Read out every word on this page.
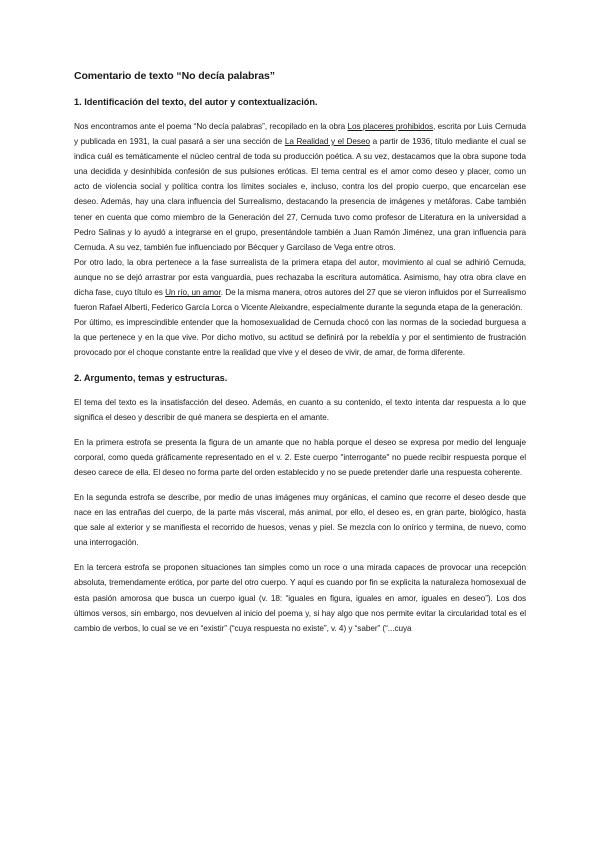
Comentario de texto “No decía palabras”
1. Identificación del texto, del autor y contextualización.

Nos encontramos ante el poema “No decía palabras”, recopilado en la obra Los placeres prohibidos, escrita por Luis Cernuda y publicada en 1931, la cual pasará a ser una sección de La Realidad y el Deseo a partir de 1936, título mediante el cual se indica cuál es temáticamente el núcleo central de toda su producción poética. A su vez, destacamos que la obra supone toda una decidida y desinhibida confesión de sus pulsiones eróticas. El tema central es el amor como deseo y placer, como un acto de violencia social y política contra los límites sociales e, incluso, contra los del propio cuerpo, que encarcelan ese deseo. Además, hay una clara influencia del Surrealismo, destacando la presencia de imágenes y metáforas. Cabe también tener en cuenta que como miembro de la Generación del 27, Cernuda tuvo como profesor de Literatura en la universidad a Pedro Salinas y lo ayudó a integrarse en el grupo, presentándole también a Juan Ramón Jiménez, una gran influencia para Cernuda. A su vez, también fue influenciado por Bécquer y Garcilaso de Vega entre otros.

Por otro lado, la obra pertenece a la fase surrealista de la primera etapa del autor, movimiento al cual se adhirió Cernuda, aunque no se dejó arrastrar por esta vanguardia, pues rechazaba la escritura automática. Asimismo, hay otra obra clave en dicha fase, cuyo título es Un río, un amor. De la misma manera, otros autores del 27 que se vieron influidos por el Surrealismo fueron Rafael Alberti, Federico García Lorca o Vicente Aleixandre, especialmente durante la segunda etapa de la generación.

Por último, es imprescindible entender que la homosexualidad de Cernuda chocó con las normas de la sociedad burguesa a la que pertenece y en la que vive. Por dicho motivo, su actitud se definirá por la rebeldía y por el sentimiento de frustración provocado por el choque constante entre la realidad que vive y el deseo de vivir, de amar, de forma diferente.

2. Argumento, temas y estructuras.

El tema del texto es la insatisfacción del deseo. Además, en cuanto a su contenido, el texto intenta dar respuesta a lo que significa el deseo y describir de qué manera se despierta en el amante.

En la primera estrofa se presenta la figura de un amante que no habla porque el deseo se expresa por medio del lenguaje corporal, como queda gráficamente representado en el v. 2. Este cuerpo "interrogante" no puede recibir respuesta porque el deseo carece de ella. El deseo no forma parte del orden establecido y no se puede pretender darle una respuesta coherente.

En la segunda estrofa se describe, por medio de unas imágenes muy orgánicas, el camino que recorre el deseo desde que nace en las entrañas del cuerpo, de la parte más visceral, más animal, por ello, el deseo es, en gran parte, biológico, hasta que sale al exterior y se manifiesta el recorrido de huesos, venas y piel. Se mezcla con lo onírico y termina, de nuevo, como una interrogación.

En la tercera estrofa se proponen situaciones tan simples como un roce o una mirada capaces de provocar una recepción absoluta, tremendamente erótica, por parte del otro cuerpo. Y aquí es cuando por fin se explicita la naturaleza homosexual de esta pasión amorosa que busca un cuerpo igual (v. 18: “iguales en figura, iguales en amor, iguales en deseo”). Los dos últimos versos, sin embargo, nos devuelven al inicio del poema y, si hay algo que nos permite evitar la circularidad total es el cambio de verbos, lo cual se ve en “existir” (“cuya respuesta no existe”, v. 4) y “saber” (“...cuya
